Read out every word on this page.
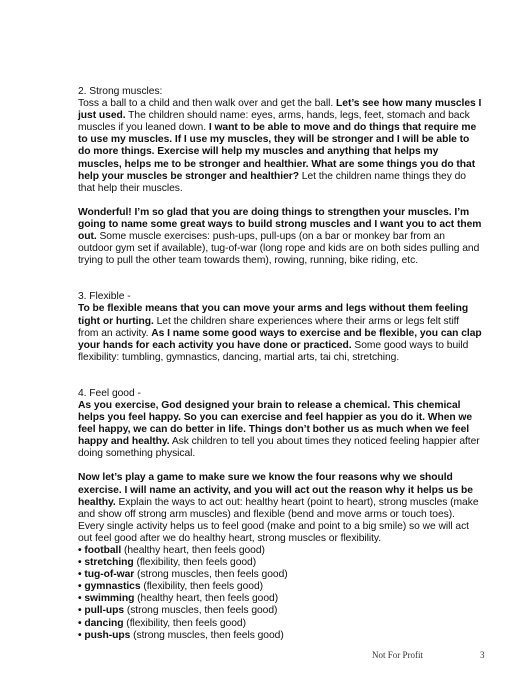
2. Strong muscles:

Toss a ball to a child and then walk over and get the ball. Let’s see how many muscles I just used. The children should name: eyes, arms, hands, legs, feet, stomach and back muscles if you leaned down. I want to be able to move and do things that require me to use my muscles. If I use my muscles, they will be stronger and I will be able to do more things. Exercise will help my muscles and anything that helps my muscles, helps me to be stronger and healthier. What are some things you do that help your muscles be stronger and healthier? Let the children name things they do that help their muscles.

Wonderful! I’m so glad that you are doing things to strengthen your muscles. I’m going to name some great ways to build strong muscles and I want you to act them out. Some muscle exercises: push-ups, pull-ups (on a bar or monkey bar from an outdoor gym set if available), tug-of-war (long rope and kids are on both sides pulling and trying to pull the other team towards them), rowing, running, bike riding, etc.

3. Flexible -

To be flexible means that you can move your arms and legs without them feeling tight or hurting. Let the children share experiences where their arms or legs felt stiff from an activity. As I name some good ways to exercise and be flexible, you can clap your hands for each activity you have done or practiced. Some good ways to build flexibility: tumbling, gymnastics, dancing, martial arts, tai chi, stretching.

4. Feel good -

As you exercise, God designed your brain to release a chemical. This chemical helps you feel happy. So you can exercise and feel happier as you do it. When we feel happy, we can do better in life. Things don’t bother us as much when we feel happy and healthy. Ask children to tell you about times they noticed feeling happier after doing something physical.

Now let’s play a game to make sure we know the four reasons why we should exercise. I will name an activity, and you will act out the reason why it helps us be healthy. Explain the ways to act out: healthy heart (point to heart), strong muscles (make and show off strong arm muscles) and flexible (bend and move arms or touch toes). Every single activity helps us to feel good (make and point to a big smile) so we will act out feel good after we do healthy heart, strong muscles or flexibility.

• football (healthy heart, then feels good)
• stretching (flexibility, then feels good)
• tug-of-war (strong muscles, then feels good)
• gymnastics (flexibility, then feels good)
• swimming (healthy heart, then feels good)
• pull-ups (strong muscles, then feels good)
• dancing (flexibility, then feels good)
• push-ups (strong muscles, then feels good)
Not For Profit	3
